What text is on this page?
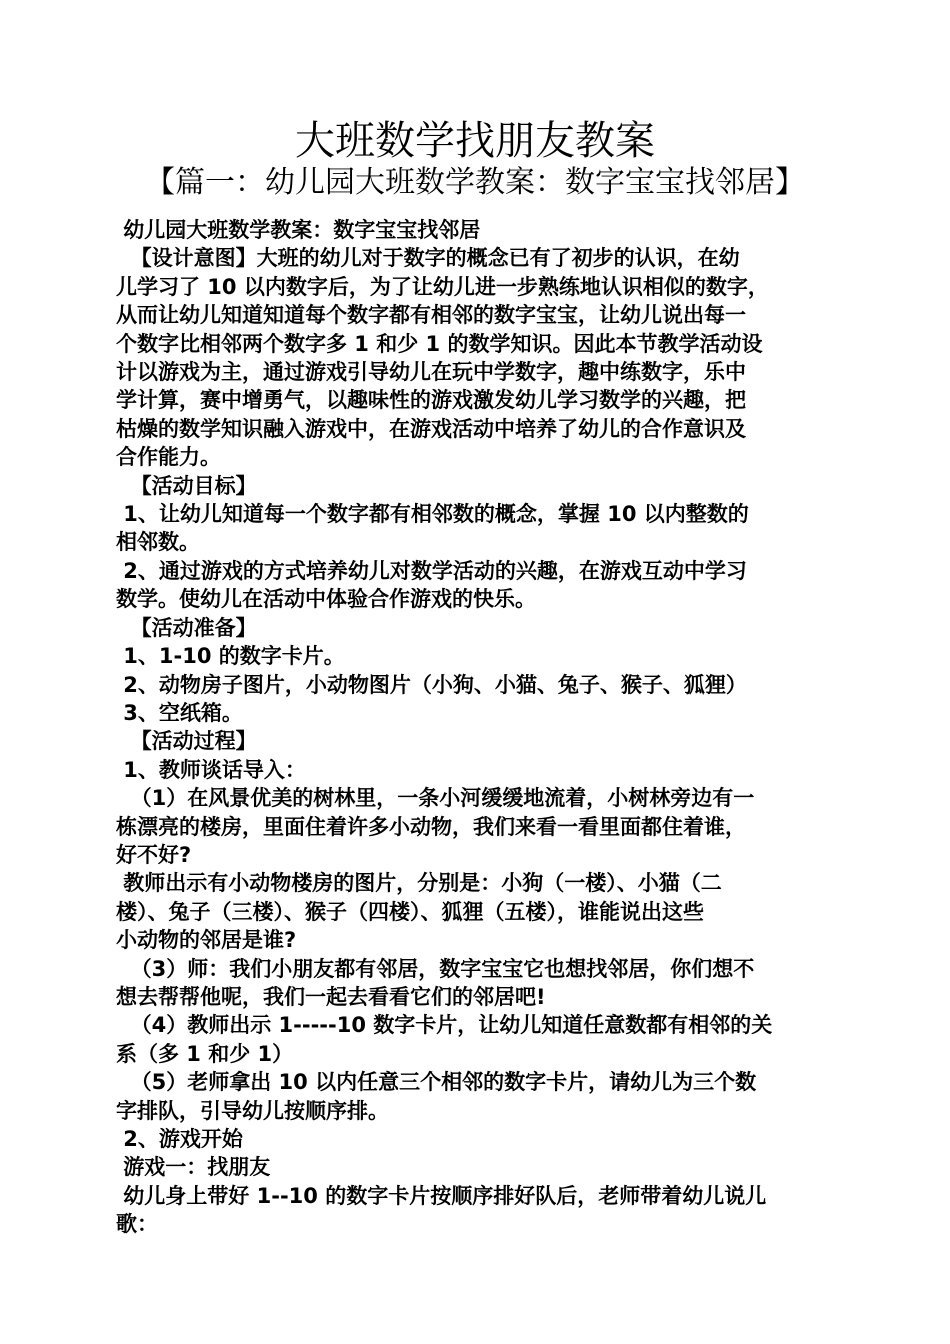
大班数学找朋友教案
【篇一：幼儿园大班数学教案：数字宝宝找邻居】

幼儿园大班数学教案：数字宝宝找邻居

【设计意图】大班的幼儿对于数字的概念已有了初步的认识，在幼

儿学习了 10 以内数字后，为了让幼儿进一步熟练地认识相似的数字，

从而让幼儿知道知道每个数字都有相邻的数字宝宝，让幼儿说出每一

个数字比相邻两个数字多 1 和少 1 的数学知识。因此本节教学活动设

计以游戏为主，通过游戏引导幼儿在玩中学数字，趣中练数字，乐中

学计算，赛中增勇气，以趣味性的游戏激发幼儿学习数学的兴趣，把

枯燥的数学知识融入游戏中，在游戏活动中培养了幼儿的合作意识及

合作能力。

【活动目标】

1、让幼儿知道每一个数字都有相邻数的概念，掌握 10 以内整数的

相邻数。

2、通过游戏的方式培养幼儿对数学活动的兴趣，在游戏互动中学习

数学。使幼儿在活动中体验合作游戏的快乐。

【活动准备】

1、1-10 的数字卡片。

2、动物房子图片，小动物图片（小狗、小猫、兔子、猴子、狐狸）

3、空纸箱。

【活动过程】

1、教师谈话导入：

（1）在风景优美的树林里，一条小河缓缓地流着，小树林旁边有一

栋漂亮的楼房，里面住着许多小动物，我们来看一看里面都住着谁，

好不好?

教师出示有小动物楼房的图片，分别是：小狗（一楼）、小猫（二

楼）、兔子（三楼）、猴子（四楼）、狐狸（五楼），谁能说出这些

小动物的邻居是谁?

（3）师：我们小朋友都有邻居，数字宝宝它也想找邻居，你们想不

想去帮帮他呢，我们一起去看看它们的邻居吧!

（4）教师出示 1-----10 数字卡片，让幼儿知道任意数都有相邻的关

系（多 1 和少 1）

（5）老师拿出 10 以内任意三个相邻的数字卡片，请幼儿为三个数

字排队，引导幼儿按顺序排。

2、游戏开始

游戏一：找朋友

幼儿身上带好 1--10 的数字卡片按顺序排好队后，老师带着幼儿说儿

歌：
